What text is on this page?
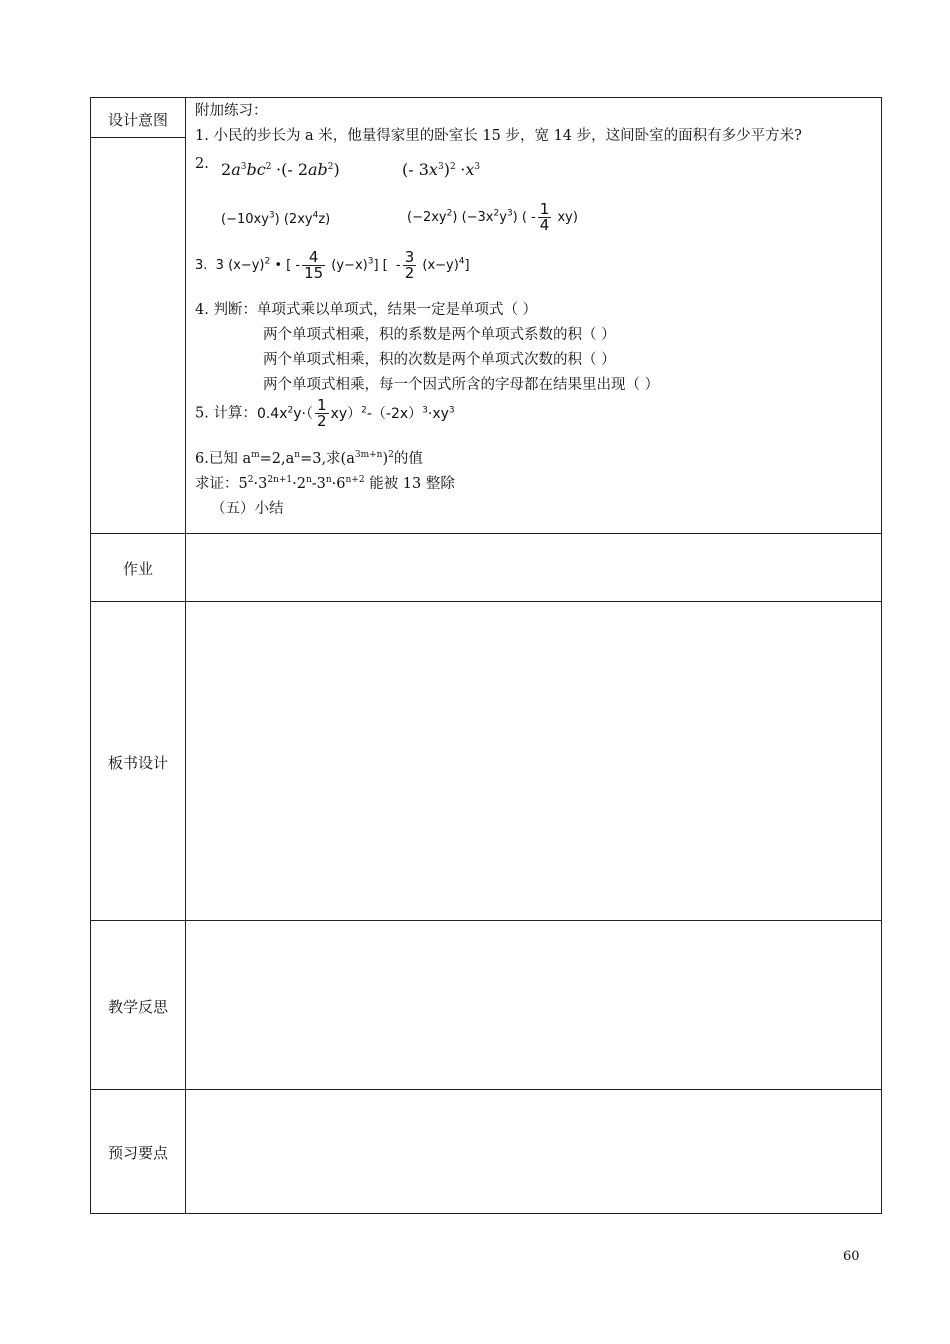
设计意图
作业
板书设计
教学反思
预习要点
附加练习：
1. 小民的步长为 a 米，他量得家里的卧室长 15 步，宽 14 步，这间卧室的面积有多少平方米?
2. $2a^3bc^2$ ·(- $2ab^2$)	(- $3x^3)^2 \cdot x^3$
$(-10xy^3)$ $(2xy^4z)$	$(-2xy^2)$ $(-3x^2y^3)$ ( - $\frac{1}{4} xy$)
3.  3 $(x-y)^2$ • [ - $\frac{4}{15} (y-x)^3$] [  - $\frac{3}{2} (x-y)^4$]
4. 判断：单项式乘以单项式，结果一定是单项式（ ）
两个单项式相乘，积的系数是两个单项式系数的积（ ）
两个单项式相乘，积的次数是两个单项式次数的积（ ）
两个单项式相乘，每一个因式所含的字母都在结果里出现（ ）
5. 计算：$0.4x^2y\cdot( \frac{1}{2} xy)^2-(-2x)^3\cdot xy^3$
6.已知 $a^m=2,a^n=3$,求$(a^{3m+n})^2$的值
求证：$5^2\cdot 3^{2n+1}\cdot 2^n-3^n\cdot 6^{n+2}$ 能被 13 整除
（五）小结
60
